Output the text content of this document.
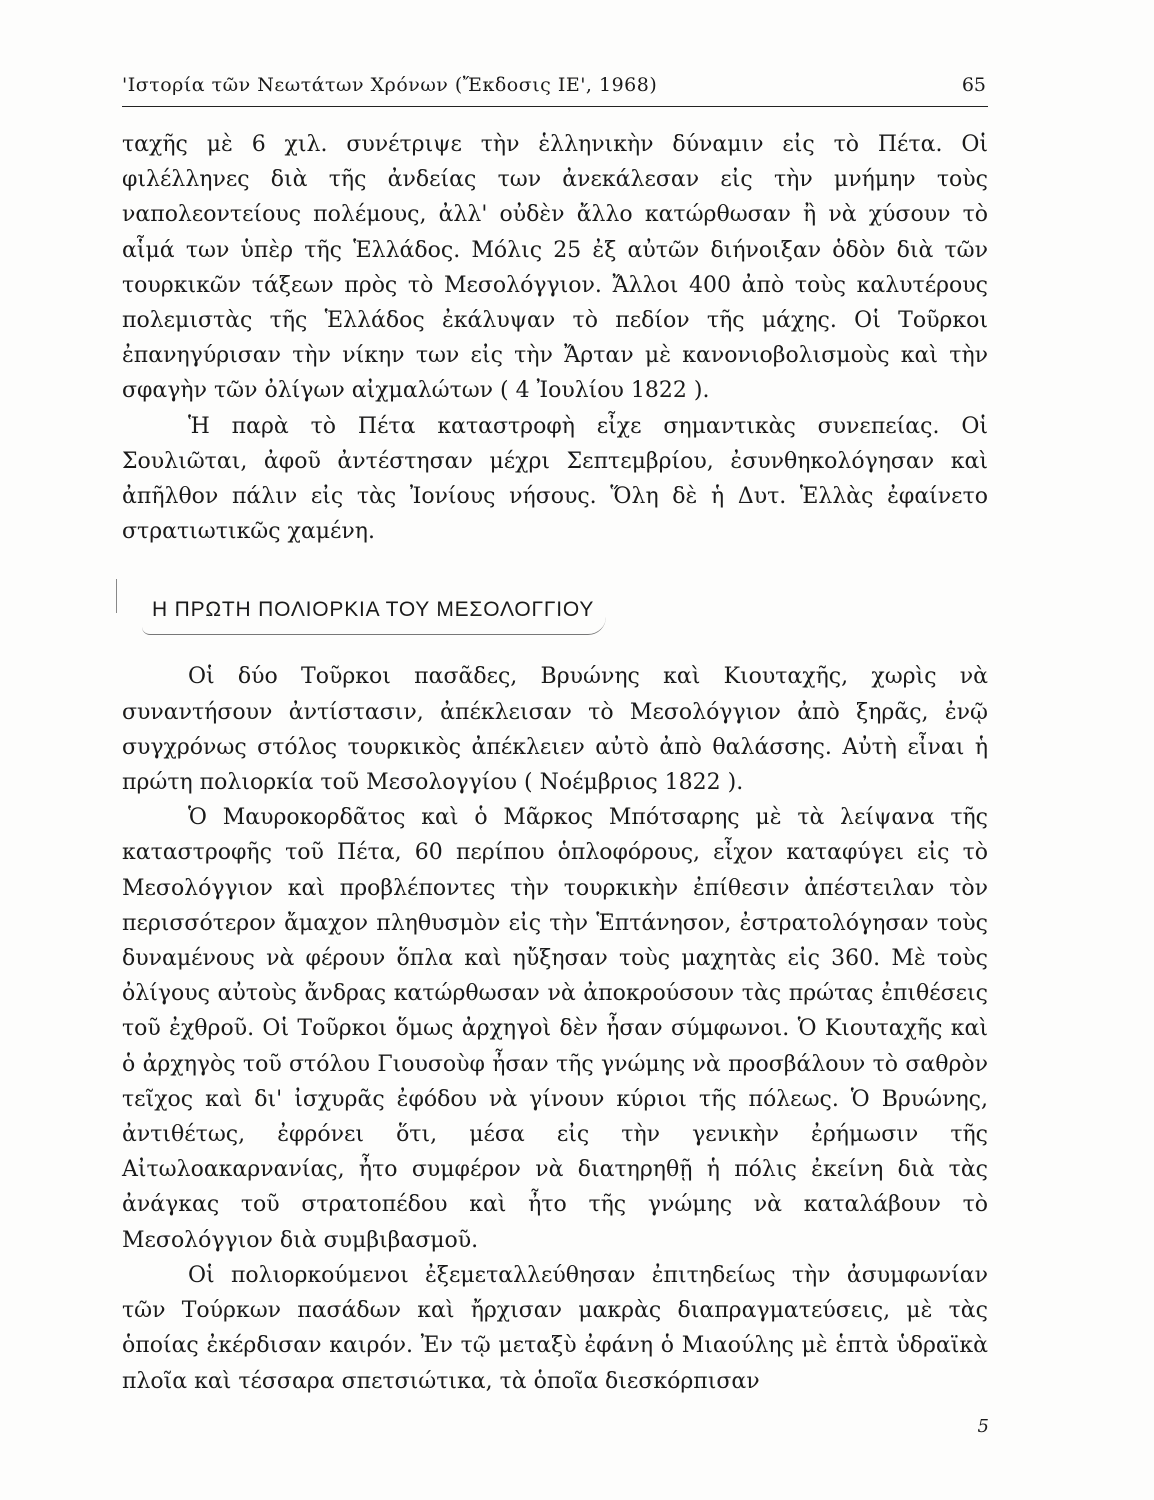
'Ιστορία τῶν Νεωτάτων Χρόνων (Ἔκδοσις ΙΕ', 1968)	65

ταχῆς μὲ 6 χιλ. συνέτριψε τὴν ἑλληνικὴν δύναμιν εἰς τὸ Πέτα. Οἱ φιλέλληνες διὰ τῆς ἀνδείας των ἀνεκάλεσαν εἰς τὴν μνήμην τοὺς ναπολεοντείους πολέμους, ἀλλ' οὐδὲν ἄλλο κατώρθωσαν ἢ νὰ χύσουν τὸ αἷμά των ὑπὲρ τῆς Ἑλλάδος. Μόλις 25 ἐξ αὐτῶν διήνοιξαν ὁδὸν διὰ τῶν τουρκικῶν τάξεων πρὸς τὸ Μεσολόγγιον. Ἄλλοι 400 ἀπὸ τοὺς καλυτέρους πολεμιστὰς τῆς Ἑλλάδος ἐκάλυψαν τὸ πεδίον τῆς μάχης. Οἱ Τοῦρκοι ἐπανηγύρισαν τὴν νίκην των εἰς τὴν Ἄρταν μὲ κανονιοβολισμοὺς καὶ τὴν σφαγὴν τῶν ὀλίγων αἰχμαλώτων ( 4 Ἰουλίου 1822 ).

Ἡ παρὰ τὸ Πέτα καταστροφὴ εἶχε σημαντικὰς συνεπείας. Οἱ Σουλιῶται, ἀφοῦ ἀντέστησαν μέχρι Σεπτεμβρίου, ἐσυνθηκολόγησαν καὶ ἀπῆλθον πάλιν εἰς τὰς Ἰονίους νήσους. Ὅλη δὲ ἡ Δυτ. Ἑλλὰς ἐφαίνετο στρατιωτικῶς χαμένη.

Η ΠΡΩΤΗ ΠΟΛΙΟΡΚΙΑ ΤΟΥ ΜΕΣΟΛΟΓΓΙΟΥ

Οἱ δύο Τοῦρκοι πασᾶδες, Βρυώνης καὶ Κιουταχῆς, χωρὶς νὰ συναντήσουν ἀντίστασιν, ἀπέκλεισαν τὸ Μεσολόγγιον ἀπὸ ξηρᾶς, ἐνῷ συγχρόνως στόλος τουρκικὸς ἀπέκλειεν αὐτὸ ἀπὸ θαλάσσης. Αὐτὴ εἶναι ἡ πρώτη πολιορκία τοῦ Μεσολογγίου ( Νοέμβριος 1822 ).

Ὁ Μαυροκορδᾶτος καὶ ὁ Μᾶρκος Μπότσαρης μὲ τὰ λείψανα τῆς καταστροφῆς τοῦ Πέτα, 60 περίπου ὁπλοφόρους, εἶχον καταφύγει εἰς τὸ Μεσολόγγιον καὶ προβλέποντες τὴν τουρκικὴν ἐπίθεσιν ἀπέστειλαν τὸν περισσότερον ἄμαχον πληθυσμὸν εἰς τὴν Ἑπτάνησον, ἐστρατολόγησαν τοὺς δυναμένους νὰ φέρουν ὅπλα καὶ ηὔξησαν τοὺς μαχητὰς εἰς 360. Μὲ τοὺς ὀλίγους αὐτοὺς ἄνδρας κατώρθωσαν νὰ ἀποκρούσουν τὰς πρώτας ἐπιθέσεις τοῦ ἐχθροῦ. Οἱ Τοῦρκοι ὅμως ἀρχηγοὶ δὲν ἦσαν σύμφωνοι. Ὁ Κιουταχῆς καὶ ὁ ἀρχηγὸς τοῦ στόλου Γιουσοὺφ ἦσαν τῆς γνώμης νὰ προσβάλουν τὸ σαθρὸν τεῖχος καὶ δι' ἰσχυρᾶς ἐφόδου νὰ γίνουν κύριοι τῆς πόλεως. Ὁ Βρυώνης, ἀντιθέτως, ἐφρόνει ὅτι, μέσα εἰς τὴν γενικὴν ἐρήμωσιν τῆς Αἰτωλοακαρνανίας, ἦτο συμφέρον νὰ διατηρηθῇ ἡ πόλις ἐκείνη διὰ τὰς ἀνάγκας τοῦ στρατοπέδου καὶ ἦτο τῆς γνώμης νὰ καταλάβουν τὸ Μεσολόγγιον διὰ συμβιβασμοῦ.

Οἱ πολιορκούμενοι ἐξεμεταλλεύθησαν ἐπιτηδείως τὴν ἀσυμφωνίαν τῶν Τούρκων πασάδων καὶ ἤρχισαν μακρὰς διαπραγματεύσεις, μὲ τὰς ὁποίας ἐκέρδισαν καιρόν. Ἐν τῷ μεταξὺ ἐφάνη ὁ Μιαούλης μὲ ἑπτὰ ὑδραϊκὰ πλοῖα καὶ τέσσαρα σπετσιώτικα, τὰ ὁποῖα διεσκόρπισαν

5
